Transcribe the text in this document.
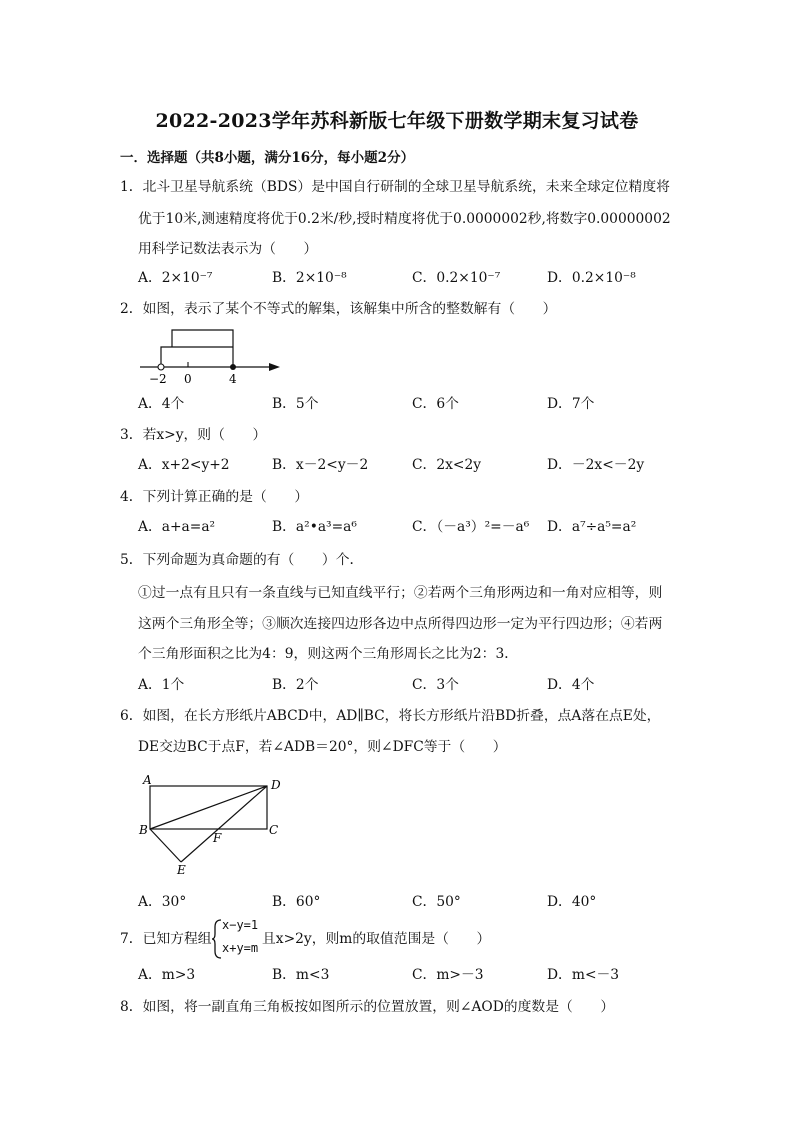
2022-2023学年苏科新版七年级下册数学期末复习试卷
一．选择题（共8小题，满分16分，每小题2分）
1．北斗卫星导航系统（BDS）是中国自行研制的全球卫星导航系统，未来全球定位精度将
优于10米,测速精度将优于0.2米/秒,授时精度将优于0.0000002秒,将数字0.00000002
用科学记数法表示为（　　）
A．2×10⁻⁷	B．2×10⁻⁸	C．0.2×10⁻⁷	D．0.2×10⁻⁸
2．如图，表示了某个不等式的解集，该解集中所含的整数解有（　　）
−2 0	4
A．4个	B．5个	C．6个	D．7个
3．若x>y，则（　　）
A．x+2<y+2	B．x－2<y－2	C．2x<2y	D．－2x<－2y
4．下列计算正确的是（　　）
A．a+a=a²	B．a²•a³=a⁶	C．（－a³）²=－a⁶ D．a⁷÷a⁵=a²
5．下列命题为真命题的有（　　）个．
①过一点有且只有一条直线与已知直线平行；②若两个三角形两边和一角对应相等，则
这两个三角形全等；③顺次连接四边形各边中点所得四边形一定为平行四边形；④若两
个三角形面积之比为4：9，则这两个三角形周长之比为2：3．
A．1个	B．2个	C．3个	D．4个
6．如图，在长方形纸片ABCD中，AD∥BC，将长方形纸片沿BD折叠，点A落在点E处，
DE交边BC于点F，若∠ADB＝20°，则∠DFC等于（　　）
A	D
B	C
F
E
A．30°	B．60°	C．50°	D．40°
7．已知方程组
x−y=1
x+y=m
且x>2y，则m的取值范围是（　　）
A．m>3	B．m<3	C．m>－3	D．m<－3
8．如图，将一副直角三角板按如图所示的位置放置，则∠AOD的度数是（　　）
